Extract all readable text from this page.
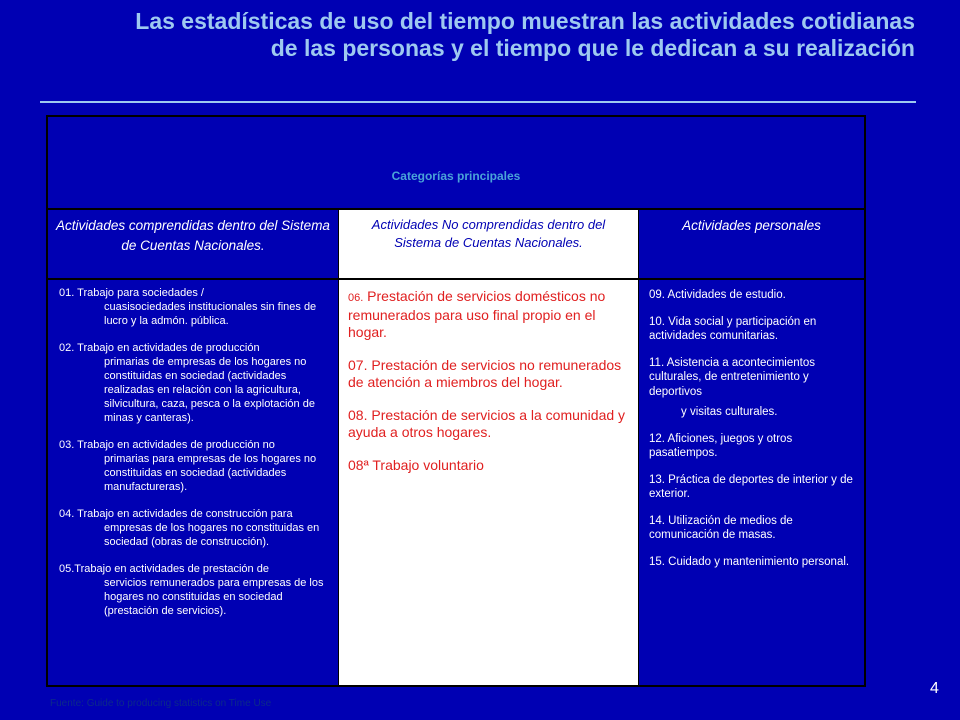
Las estadísticas de uso del tiempo muestran las actividades cotidianas de las personas y el tiempo que le dedican a su realización
Categorías principales
Actividades comprendidas dentro del Sistema de Cuentas Nacionales.
Actividades No comprendidas dentro del Sistema de Cuentas Nacionales.
Actividades personales
01. Trabajo para sociedades /
cuasisociedades institucionales sin fines de lucro y la admón. pública.
02. Trabajo en actividades de producción
primarias de empresas de los hogares no constituidas en sociedad (actividades realizadas en relación con la agricultura, silvicultura, caza, pesca o la explotación de minas y canteras).
03. Trabajo en actividades de producción no
primarias para empresas de los hogares no constituidas en sociedad (actividades manufactureras).
04. Trabajo en actividades de construcción para
empresas de los hogares no constituidas en sociedad (obras de construcción).
05.Trabajo en actividades de prestación de
servicios remunerados para empresas de los hogares no constituidas en sociedad (prestación de servicios).
06. Prestación de servicios domésticos no remunerados para uso final propio en el hogar.
07. Prestación de servicios no remunerados de atención a miembros del hogar.
08. Prestación de servicios a la comunidad y ayuda a otros hogares.
08ª Trabajo voluntario
09. Actividades de estudio.
10. Vida social y participación en actividades comunitarias.
11. Asistencia a acontecimientos culturales, de entretenimiento y deportivos
y visitas culturales.
12. Aficiones, juegos y otros pasatiempos.
13. Práctica de deportes de interior y de exterior.
14. Utilización de medios de comunicación de masas.
15. Cuidado y mantenimiento personal.
Fuente: Guide to producing statistics on Time Use
4
